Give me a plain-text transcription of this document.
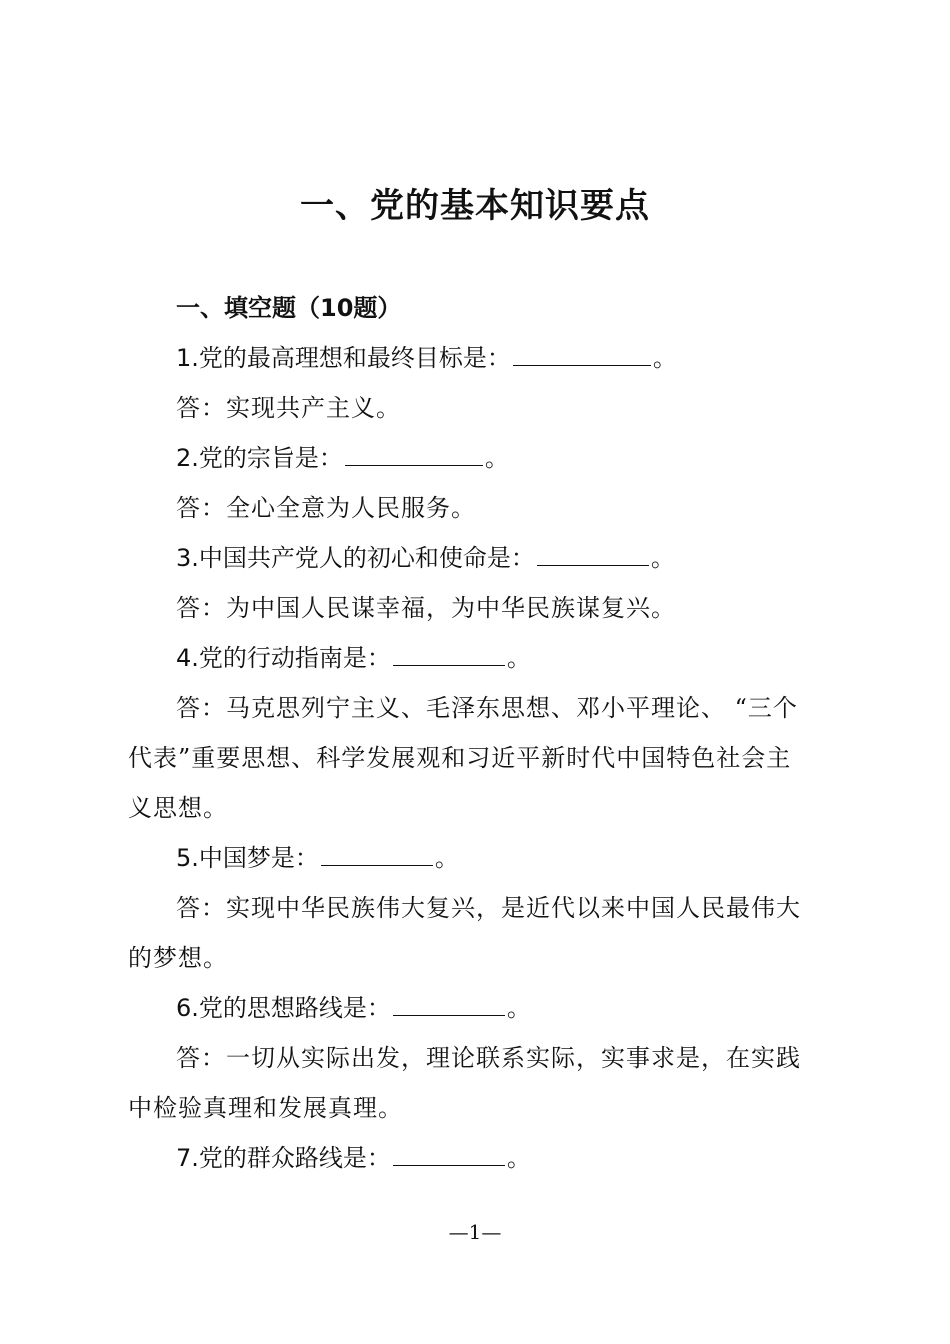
一、党的基本知识要点
一、填空题（10题）
1.党的最高理想和最终目标是：	。
答：实现共产主义。
2.党的宗旨是：	。
答：全心全意为人民服务。
3.中国共产党人的初心和使命是：	。
答：为中国人民谋幸福，为中华民族谋复兴。
4.党的行动指南是：	。
答：马克思列宁主义、毛泽东思想、邓小平理论、 “三个
代表”重要思想、科学发展观和习近平新时代中国特色社会主
义思想。
5.中国梦是：	。
答：实现中华民族伟大复兴，是近代以来中国人民最伟大
的梦想。
6.党的思想路线是：	。
答：一切从实际出发，理论联系实际，实事求是，在实践
中检验真理和发展真理。
7.党的群众路线是：	。
—1—
